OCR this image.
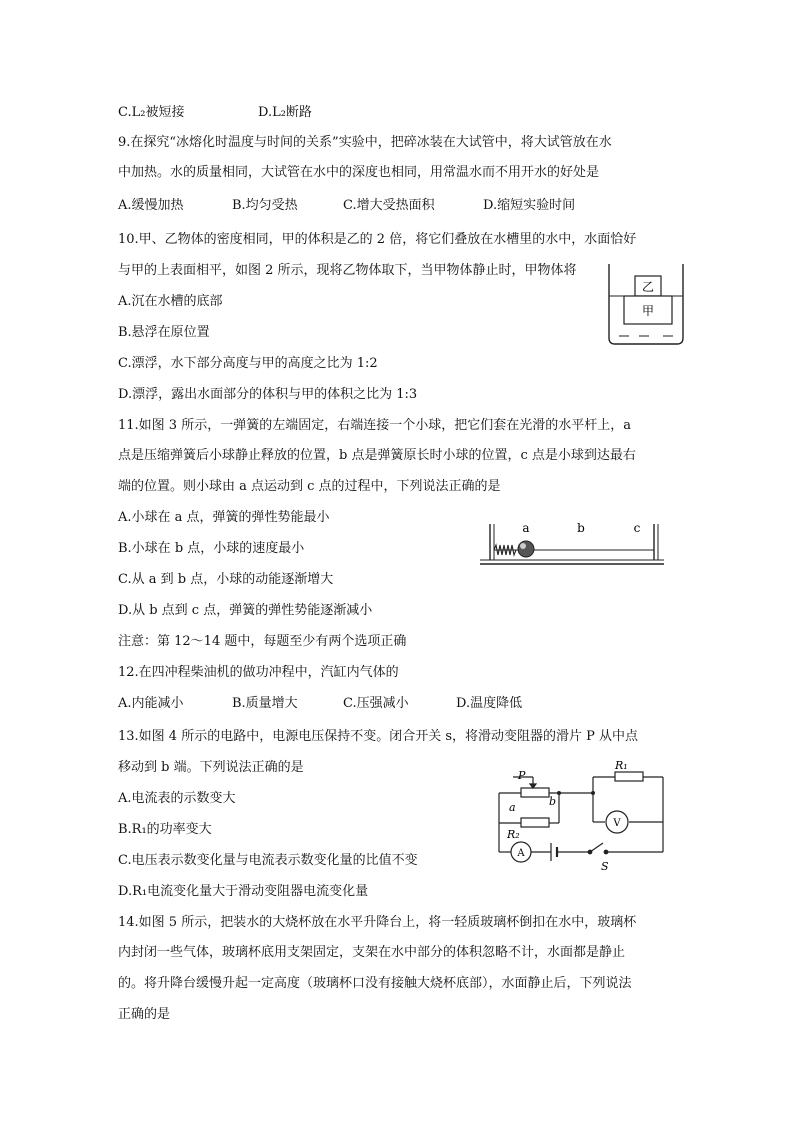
C.L₂被短接	D.L₂断路
9.在探究“冰熔化时温度与时间的关系”实验中，把碎冰装在大试管中，将大试管放在水
中加热。水的质量相同，大试管在水中的深度也相同，用常温水而不用开水的好处是
A.缓慢加热	B.均匀受热	C.增大受热面积	D.缩短实验时间
10.甲、乙物体的密度相同，甲的体积是乙的 2 倍，将它们叠放在水槽里的水中，水面恰好
与甲的上表面相平，如图 2 所示，现将乙物体取下，当甲物体静止时，甲物体将
A.沉在水槽的底部
B.悬浮在原位置
C.漂浮，水下部分高度与甲的高度之比为 1:2
D.漂浮，露出水面部分的体积与甲的体积之比为 1:3
乙
甲
11.如图 3 所示，一弹簧的左端固定，右端连接一个小球，把它们套在光滑的水平杆上，a
点是压缩弹簧后小球静止释放的位置，b 点是弹簧原长时小球的位置，c 点是小球到达最右
端的位置。则小球由 a 点运动到 c 点的过程中，下列说法正确的是
A.小球在 a 点，弹簧的弹性势能最小
B.小球在 b 点，小球的速度最小
C.从 a 到 b 点，小球的动能逐渐增大
D.从 b 点到 c 点，弹簧的弹性势能逐渐减小
a	b	c
注意：第 12～14 题中，每题至少有两个选项正确
12.在四冲程柴油机的做功冲程中，汽缸内气体的
A.内能减小	B.质量增大	C.压强减小	D.温度降低
13.如图 4 所示的电路中，电源电压保持不变。闭合开关 s，将滑动变阻器的滑片 P 从中点
移动到 b 端。下列说法正确的是
A.电流表的示数变大
B.R₁的功率变大
C.电压表示数变化量与电流表示数变化量的比值不变
D.R₁电流变化量大于滑动变阻器电流变化量
P
R₁
a	b
R₂
A
V
S
14.如图 5 所示，把装水的大烧杯放在水平升降台上，将一轻质玻璃杯倒扣在水中，玻璃杯
内封闭一些气体，玻璃杯底用支架固定，支架在水中部分的体积忽略不计，水面都是静止
的。将升降台缓慢升起一定高度（玻璃杯口没有接触大烧杯底部），水面静止后，下列说法
正确的是
